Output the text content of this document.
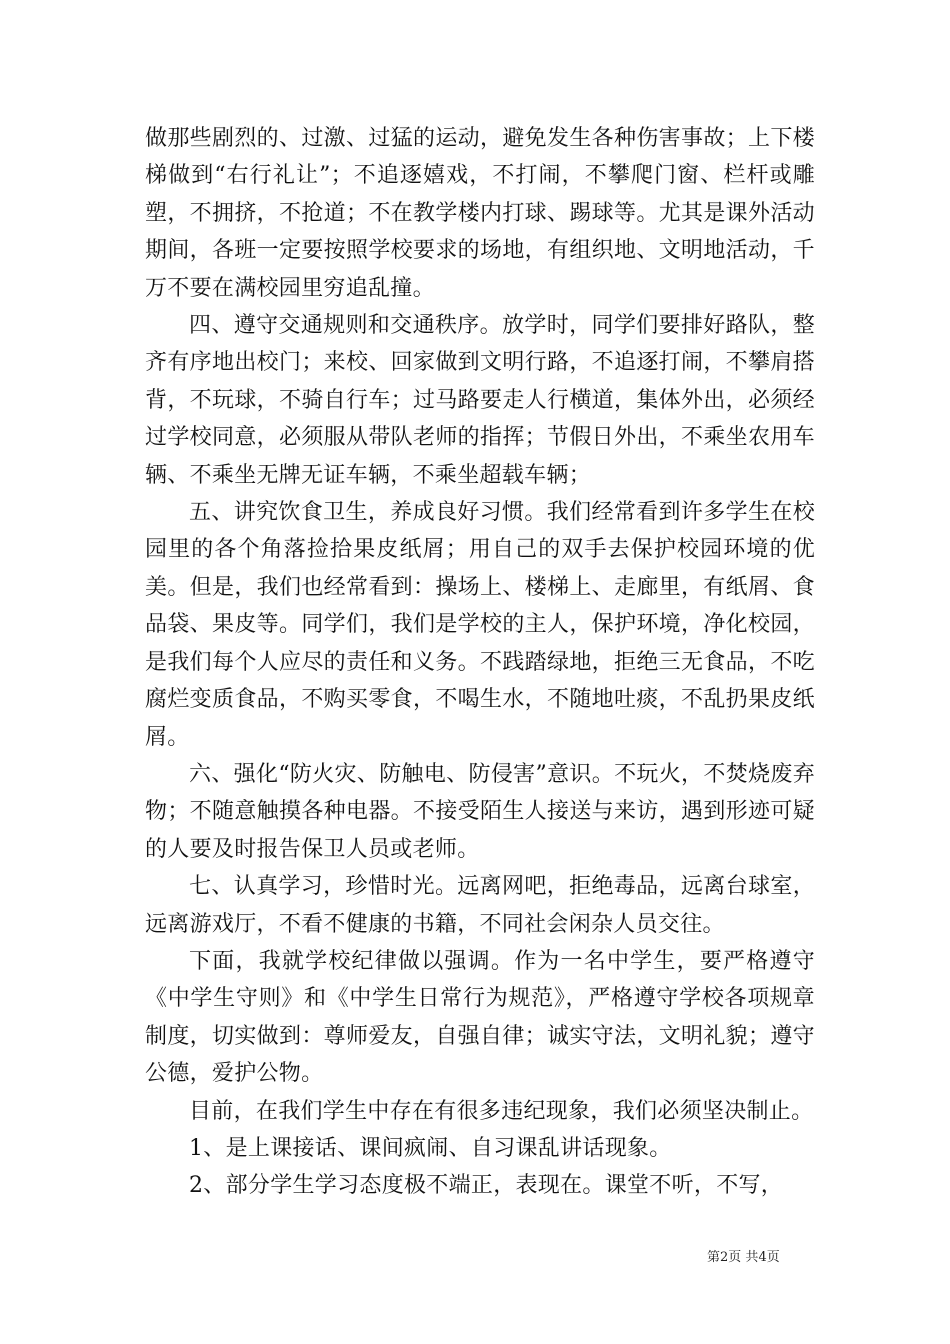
做那些剧烈的、过激、过猛的运动，避免发生各种伤害事故；上下楼梯做到“右行礼让”；不追逐嬉戏，不打闹，不攀爬门窗、栏杆或雕塑，不拥挤，不抢道；不在教学楼内打球、踢球等。尤其是课外活动期间，各班一定要按照学校要求的场地，有组织地、文明地活动，千万不要在满校园里穷追乱撞。

四、遵守交通规则和交通秩序。放学时，同学们要排好路队，整齐有序地出校门；来校、回家做到文明行路，不追逐打闹，不攀肩搭背，不玩球，不骑自行车；过马路要走人行横道，集体外出，必须经过学校同意，必须服从带队老师的指挥；节假日外出，不乘坐农用车辆、不乘坐无牌无证车辆，不乘坐超载车辆；

五、讲究饮食卫生，养成良好习惯。我们经常看到许多学生在校园里的各个角落捡拾果皮纸屑；用自己的双手去保护校园环境的优美。但是，我们也经常看到：操场上、楼梯上、走廊里，有纸屑、食品袋、果皮等。同学们，我们是学校的主人，保护环境，净化校园，是我们每个人应尽的责任和义务。不践踏绿地，拒绝三无食品，不吃腐烂变质食品，不购买零食，不喝生水，不随地吐痰，不乱扔果皮纸屑。

六、强化“防火灾、防触电、防侵害”意识。不玩火，不焚烧废弃物；不随意触摸各种电器。不接受陌生人接送与来访，遇到形迹可疑的人要及时报告保卫人员或老师。

七、认真学习，珍惜时光。远离网吧，拒绝毒品，远离台球室，远离游戏厅，不看不健康的书籍，不同社会闲杂人员交往。

下面，我就学校纪律做以强调。作为一名中学生，要严格遵守《中学生守则》和《中学生日常行为规范》，严格遵守学校各项规章制度，切实做到：尊师爱友，自强自律；诚实守法，文明礼貌；遵守公德，爱护公物。

目前，在我们学生中存在有很多违纪现象，我们必须坚决制止。

1、是上课接话、课间疯闹、自习课乱讲话现象。

2、部分学生学习态度极不端正，表现在。课堂不听，不写，

第2页 共4页
